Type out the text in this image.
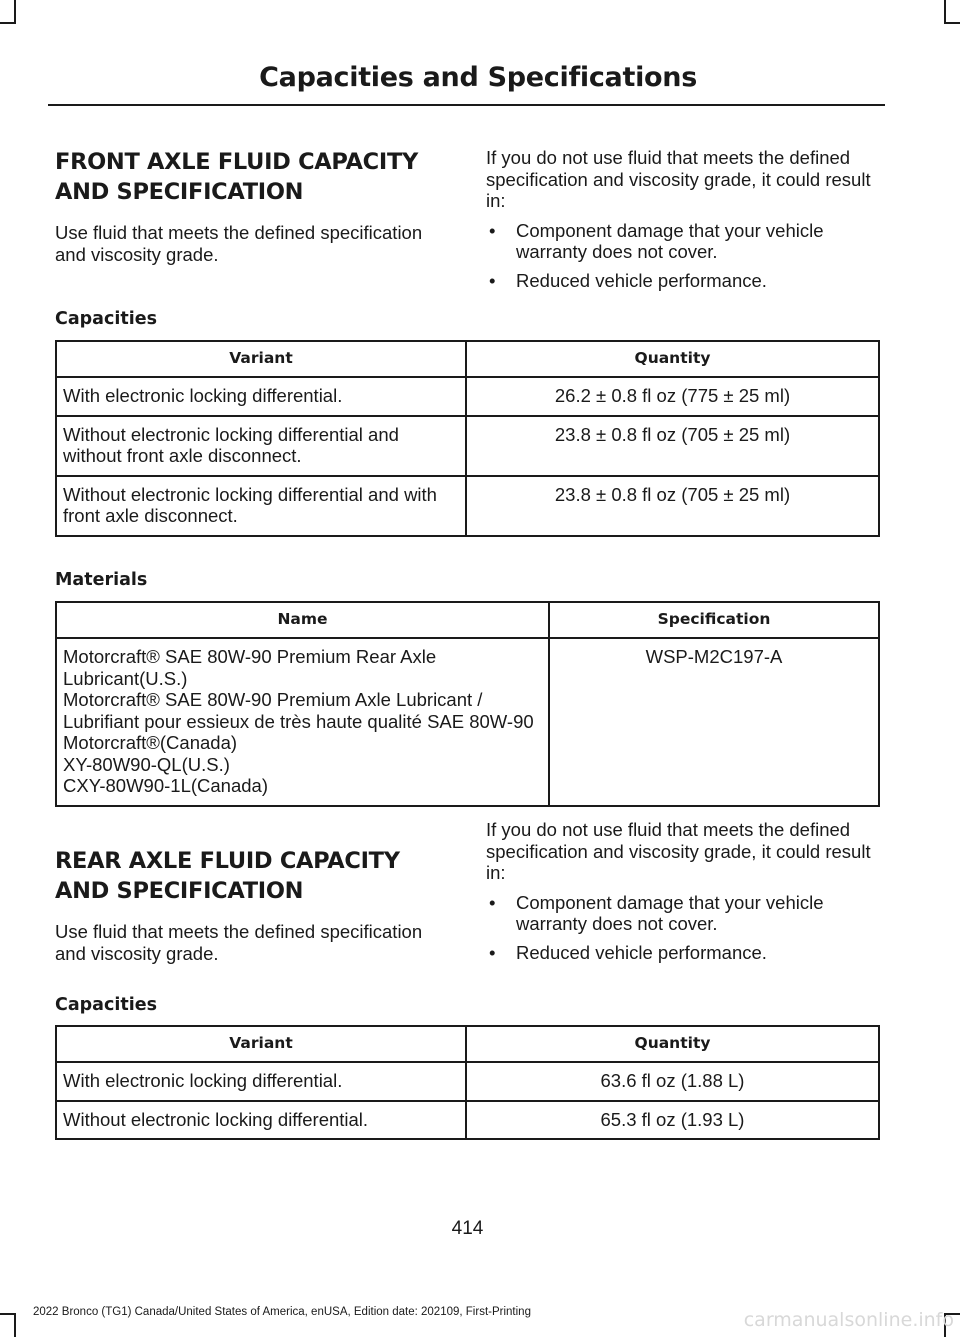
Capacities and Specifications
FRONT AXLE FLUID CAPACITY
AND SPECIFICATION

Use fluid that meets the defined specification and viscosity grade.

If you do not use fluid that meets the defined specification and viscosity grade, it could result in:

• Component damage that your vehicle warranty does not cover.
• Reduced vehicle performance.
Capacities
Variant	Quantity
With electronic locking differential.	26.2 ± 0.8 fl oz (775 ± 25 ml)
Without electronic locking differential and without front axle disconnect.	23.8 ± 0.8 fl oz (705 ± 25 ml)
Without electronic locking differential and with front axle disconnect.	23.8 ± 0.8 fl oz (705 ± 25 ml)
Materials
Name	Specification

Motorcraft® SAE 80W-90 Premium Rear Axle Lubricant(U.S.)
Motorcraft® SAE 80W-90 Premium Axle Lubricant / Lubrifiant pour essieux de très haute qualité SAE 80W-90 Motorcraft®(Canada)
XY-80W90-QL(U.S.)
CXY-80W90-1L(Canada)	WSP-M2C197-A
REAR AXLE FLUID CAPACITY
AND SPECIFICATION

Use fluid that meets the defined specification and viscosity grade.

If you do not use fluid that meets the defined specification and viscosity grade, it could result in:

• Component damage that your vehicle warranty does not cover.
• Reduced vehicle performance.
Capacities
Variant	Quantity
With electronic locking differential.	63.6 fl oz (1.88 L)
Without electronic locking differential.	65.3 fl oz (1.93 L)
414
2022 Bronco (TG1) Canada/United States of America, enUSA, Edition date: 202109, First-Printing	carmanualsonline.info
